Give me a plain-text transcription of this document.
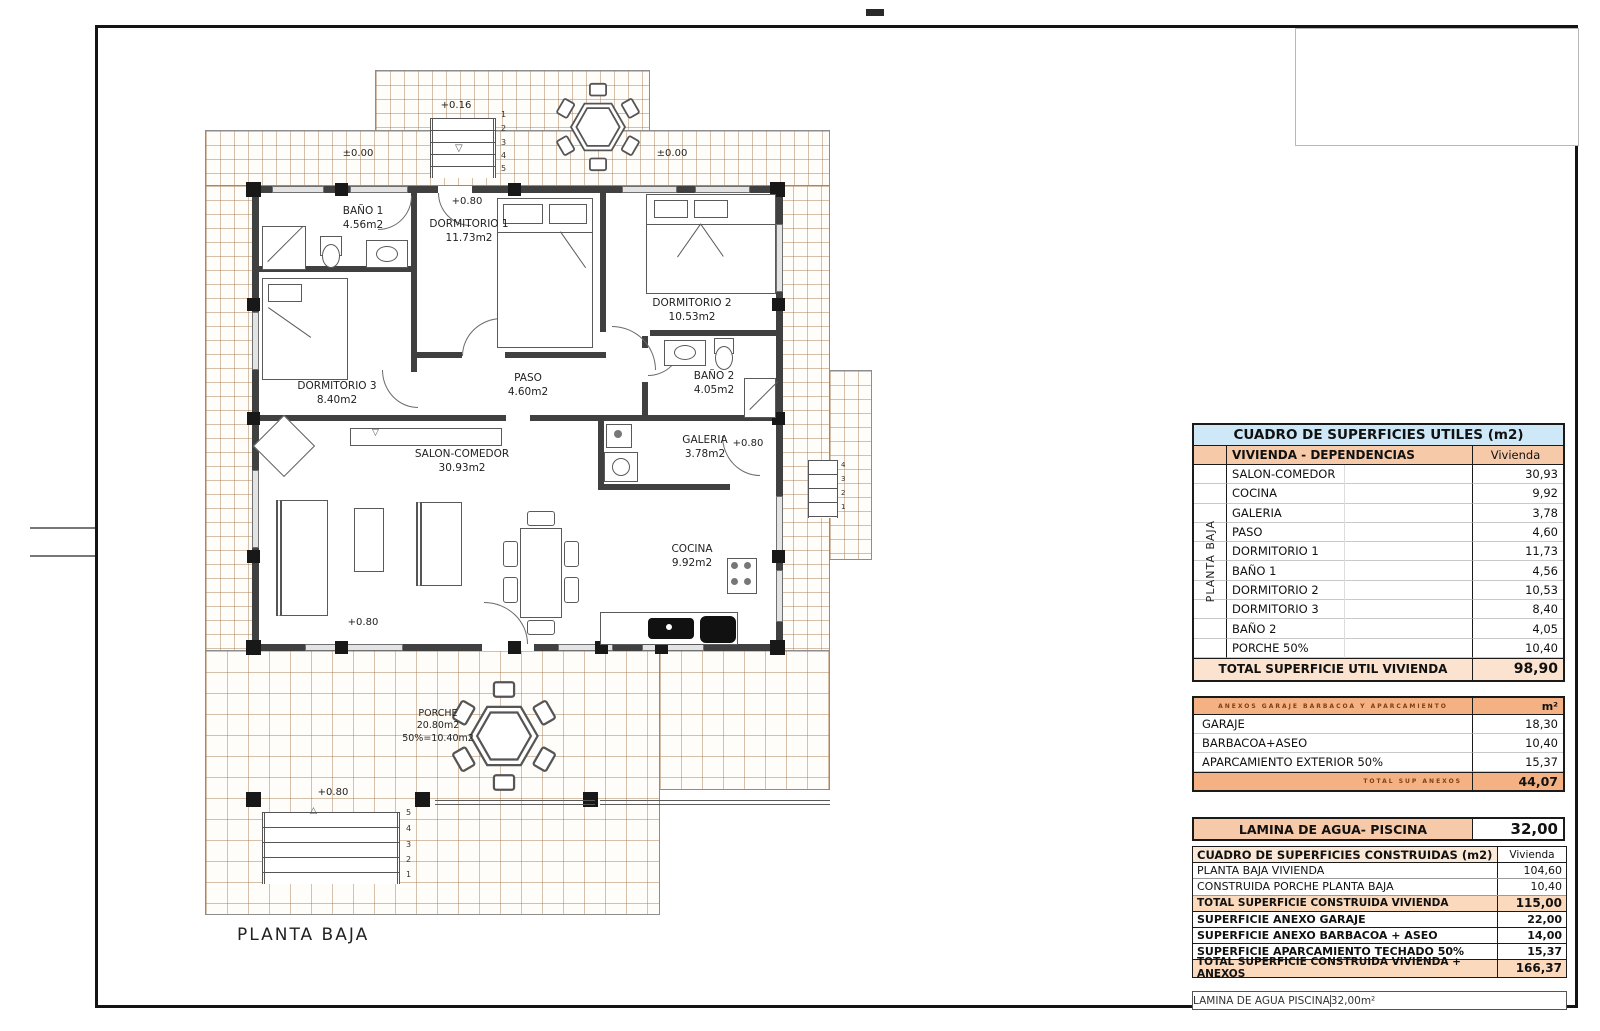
1
2
3
4
5
▽
5
4
3
2
1
△
4
3
2
1
▽
BAÑO 1
4.56m2	DORMITORIO 1
11.73m2
DORMITORIO 2
10.53m2
DORMITORIO 3
8.40m2
PASO
4.60m2
BAÑO 2
4.05m2
SALON-COMEDOR
30.93m2
GALERIA
3.78m2
COCINA
9.92m2
PORCHE
20.80m2
50%=10.40m2
+0.16
±0.00	±0.00
+0.80
+0.80
+0.80
+0.80
PLANTA BAJA
CUADRO DE SUPERFICIES UTILES (m2)
VIVIENDA - DEPENDENCIAS	Vivienda
SALON-COMEDOR	30,93
COCINA	9,92
GALERIA	3,78
PASO	4,60
DORMITORIO 1	11,73
BAÑO 1	4,56
DORMITORIO 2	10,53
DORMITORIO 3	8,40
BAÑO 2	4,05
PORCHE 50%	10,40
TOTAL SUPERFICIE UTIL VIVIENDA	98,90
PLANTA BAJA
ANEXOS GARAJE BARBACOA Y APARCAMIENTO	m²
GARAJE	18,30
BARBACOA+ASEO	10,40
APARCAMIENTO EXTERIOR 50%	15,37
TOTAL SUP ANEXOS	44,07
LAMINA DE AGUA- PISCINA	32,00
CUADRO DE SUPERFICIES CONSTRUIDAS (m2)	Vivienda
PLANTA BAJA VIVIENDA	104,60
CONSTRUIDA PORCHE PLANTA BAJA	10,40
TOTAL SUPERFICIE CONSTRUIDA VIVIENDA	115,00
SUPERFICIE ANEXO GARAJE	22,00
SUPERFICIE ANEXO BARBACOA + ASEO	14,00
SUPERFICIE APARCAMIENTO TECHADO 50%	15,37
TOTAL SUPERFICIE CONSTRUIDA VIVIENDA + ANEXOS	166,37
LAMINA DE AGUA PISCINA 32,00m²
